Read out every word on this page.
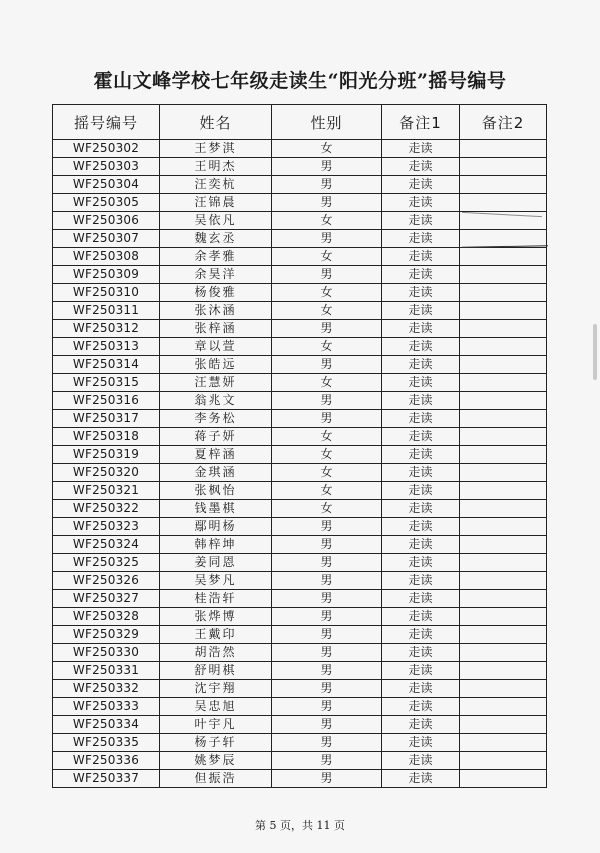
霍山文峰学校七年级走读生“阳光分班”摇号编号
摇号编号	姓名	性别	备注1	备注2
WF250302	王梦淇	女	走读	
WF250303	王明杰	男	走读	
WF250304	汪奕杭	男	走读	
WF250305	汪锦晨	男	走读	
WF250306	吴依凡	女	走读	
WF250307	魏玄丞	男	走读	
WF250308	余孝雅	女	走读	
WF250309	余昊洋	男	走读	
WF250310	杨俊雅	女	走读	
WF250311	张沐涵	女	走读	
WF250312	张梓涵	男	走读	
WF250313	章以萱	女	走读	
WF250314	张皓远	男	走读	
WF250315	汪慧妍	女	走读	
WF250316	翁兆文	男	走读	
WF250317	李务松	男	走读	
WF250318	蒋子妍	女	走读	
WF250319	夏梓涵	女	走读	
WF250320	金琪涵	女	走读	
WF250321	张枫怡	女	走读	
WF250322	钱墨棋	女	走读	
WF250323	鄢明杨	男	走读	
WF250324	韩梓坤	男	走读	
WF250325	姜同恩	男	走读	
WF250326	吴梦凡	男	走读	
WF250327	桂浩轩	男	走读	
WF250328	张烨博	男	走读	
WF250329	王戴印	男	走读	
WF250330	胡浩然	男	走读	
WF250331	舒明棋	男	走读	
WF250332	沈宇翔	男	走读	
WF250333	吴忠旭	男	走读	
WF250334	叶宇凡	男	走读	
WF250335	杨子轩	男	走读	
WF250336	姚梦辰	男	走读	
WF250337	但振浩	男	走读	
第 5 页，共 11 页
